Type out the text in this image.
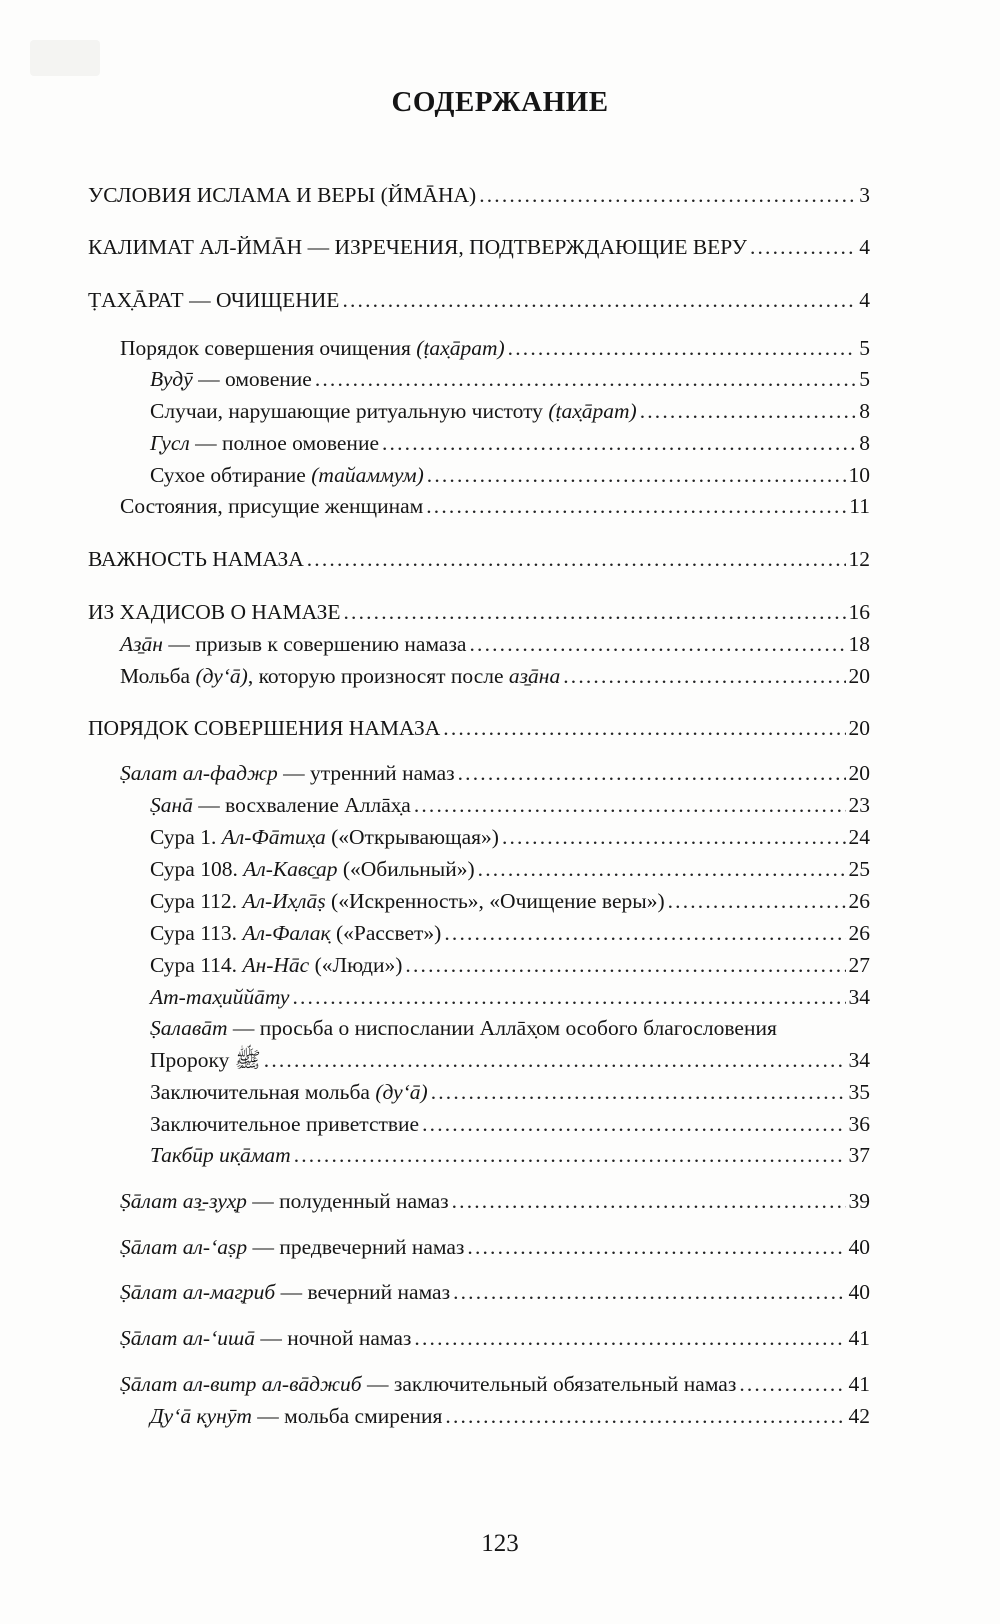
СОДЕРЖАНИЕ
УСЛОВИЯ ИСЛАМА И ВЕРЫ (ЙМĀНА) . . .	3
КАЛИМАТ АЛ-ЙМĀН — ИЗРЕЧЕНИЯ, ПОДТВЕРЖДАЮЩИЕ ВЕРУ . . .	4
ṬАХ̣ĀРАТ — ОЧИЩЕНИЕ . . .	4
Порядок совершения очищения (ṭах̣āрат) . . .	5
Вуд̣ӯ — омовение . . .	5
Случаи, нарушающие ритуальную чистоту (ṭах̣āрат) . . .	8
Г̣усл — полное омовение . . .	8
Сухое обтирание (тайаммум) . . .	10
Состояния, присущие женщинам . . .	11
ВАЖНОСТЬ НАМАЗА . . .	12
ИЗ ХАДИСОВ О НАМАЗЕ . . .	16
Аз̱āн — призыв к совершению намаза . . .	18
Мольба (ду‘ā), которую произносят после аз̱āна . . .	20
ПОРЯДОК СОВЕРШЕНИЯ НАМАЗА . . .	20
Ṣалат ал-фаджр — утренний намаз . . .	20
Ṣанā — восхваление Аллāх̣а . . .	23
Сура 1. Ал-Фāтих̣а («Открывающая») . . .	24
Сура 108. Ал-Кавс̱ар («Обильный») . . .	25
Сура 112. Ал-Их̣лāṣ («Искренность», «Очищение веры») . . .	26
Сура 113. Ал-Фалак̣ («Рассвет») . . .	26
Сура 114. Ан-Нāс («Люди») . . .	27
Ат-тах̣иййāту . . .	34
Ṣалавāт — просьба о ниспослании Аллāх̣ом особого благословения
Пророку ﷺ . . .	34
Заключительная мольба (ду‘ā) . . .	35
Заключительное приветствие . . .	36
Такбӣр ик̣āмат . . .	37
Ṣāлат аз̱-з̣ух̣р — полуденный намаз . . .	39
Ṣāлат ал-‘аṣр — предвечерний намаз . . .	40
Ṣāлат ал-маг̣риб — вечерний намаз . . .	40
Ṣāлат ал-‘ишā — ночной намаз . . .	41
Ṣāлат ал-витр ал-вāджиб — заключительный обязательный намаз . . .	41
Ду‘ā к̣унӯт — мольба смирения . . .	42
123
